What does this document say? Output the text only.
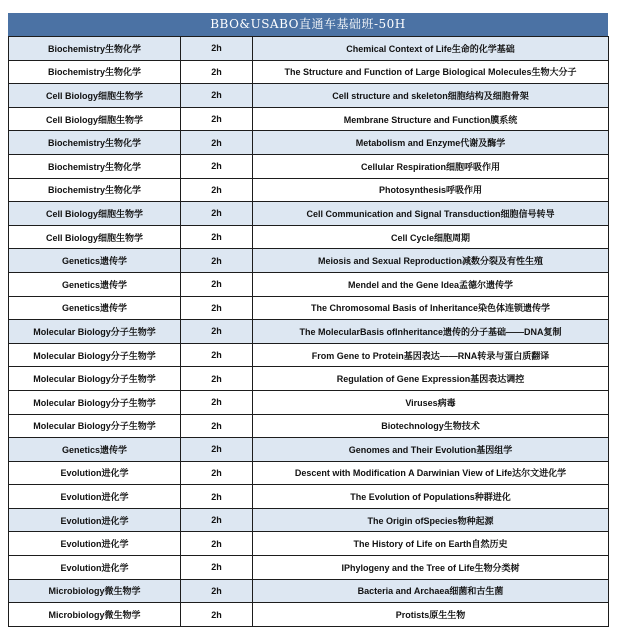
BBO&USABO直通车基础班-50H
Biochemistry生物化学	2h	Chemical Context of Life生命的化学基础
Biochemistry生物化学	2h	The Structure and Function of Large Biological Molecules生物大分子
Cell Biology细胞生物学	2h	Cell structure and skeleton细胞结构及细胞骨架
Cell Biology细胞生物学	2h	Membrane Structure and Function膜系统
Biochemistry生物化学	2h	Metabolism and Enzyme代谢及酶学
Biochemistry生物化学	2h	Cellular Respiration细胞呼吸作用
Biochemistry生物化学	2h	Photosynthesis呼吸作用
Cell Biology细胞生物学	2h	Cell Communication and Signal Transduction细胞信号转导
Cell Biology细胞生物学	2h	Cell Cycle细胞周期
Genetics遗传学	2h	Meiosis and Sexual Reproduction减数分裂及有性生殖
Genetics遗传学	2h	Mendel and the Gene Idea孟德尔遗传学
Genetics遗传学	2h	The Chromosomal Basis of Inheritance染色体连锁遗传学
Molecular Biology分子生物学	2h	The MolecularBasis ofInheritance遗传的分子基础——DNA复制
Molecular Biology分子生物学	2h	From Gene to Protein基因表达——RNA转录与蛋白质翻译
Molecular Biology分子生物学	2h	Regulation of Gene Expression基因表达调控
Molecular Biology分子生物学	2h	Viruses病毒
Molecular Biology分子生物学	2h	Biotechnology生物技术
Genetics遗传学	2h	Genomes and Their Evolution基因组学
Evolution进化学	2h	Descent with Modification A Darwinian View of Life达尔文进化学
Evolution进化学	2h	The Evolution of Populations种群进化
Evolution进化学	2h	The Origin ofSpecies物种起源
Evolution进化学	2h	The History of Life on Earth自然历史
Evolution进化学	2h	IPhylogeny and the Tree of Life生物分类树
Microbiology微生物学	2h	Bacteria and Archaea细菌和古生菌
Microbiology微生物学	2h	Protists原生生物
